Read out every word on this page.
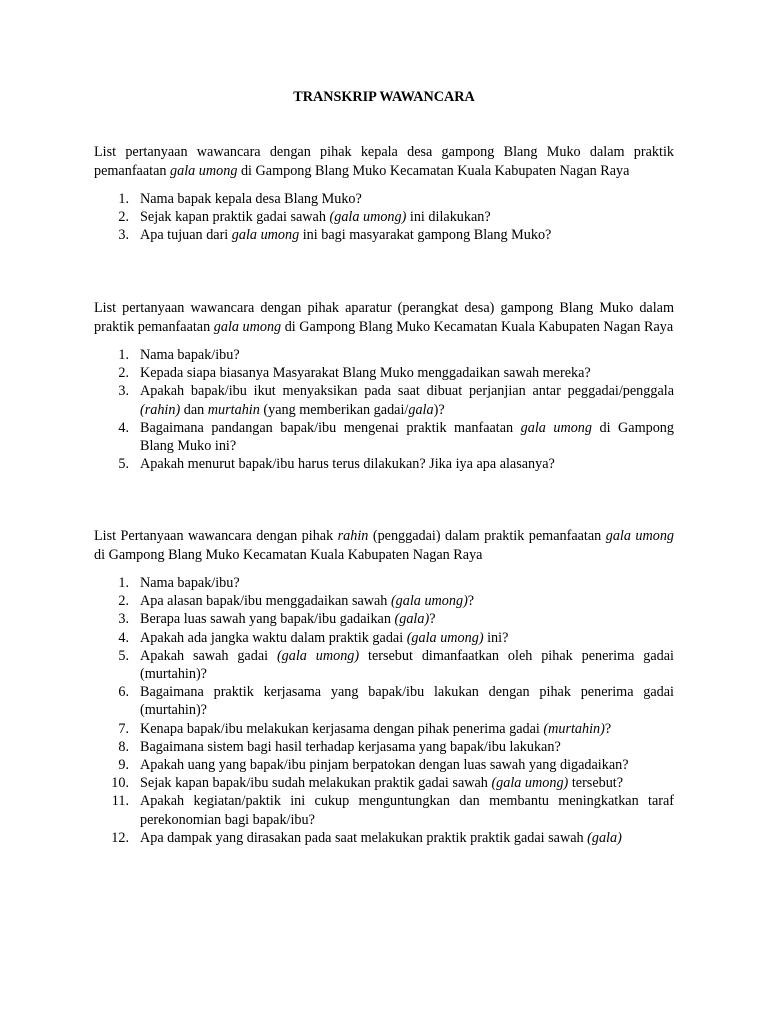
TRANSKRIP WAWANCARA

List pertanyaan wawancara dengan pihak kepala desa gampong Blang Muko dalam praktik pemanfaatan gala umong di Gampong Blang Muko Kecamatan Kuala Kabupaten Nagan Raya

1. Nama bapak kepala desa Blang Muko?
2. Sejak kapan praktik gadai sawah (gala umong) ini dilakukan?
3. Apa tujuan dari gala umong ini bagi masyarakat gampong Blang Muko?

List pertanyaan wawancara dengan pihak aparatur (perangkat desa) gampong Blang Muko dalam praktik pemanfaatan gala umong di Gampong Blang Muko Kecamatan Kuala Kabupaten Nagan Raya

1. Nama bapak/ibu?
2. Kepada siapa biasanya Masyarakat Blang Muko menggadaikan sawah mereka?
3. Apakah bapak/ibu ikut menyaksikan pada saat dibuat perjanjian antar peggadai/penggala (rahin) dan murtahin (yang memberikan gadai/gala)?
4. Bagaimana pandangan bapak/ibu mengenai praktik manfaatan gala umong di Gampong Blang Muko ini?
5. Apakah menurut bapak/ibu harus terus dilakukan? Jika iya apa alasanya?

List Pertanyaan wawancara dengan pihak rahin (penggadai) dalam praktik pemanfaatan gala umong di Gampong Blang Muko Kecamatan Kuala Kabupaten Nagan Raya

1. Nama bapak/ibu?
2. Apa alasan bapak/ibu menggadaikan sawah (gala umong)?
3. Berapa luas sawah yang bapak/ibu gadaikan (gala)?
4. Apakah ada jangka waktu dalam praktik gadai (gala umong) ini?
5. Apakah sawah gadai (gala umong) tersebut dimanfaatkan oleh pihak penerima gadai (murtahin)?
6. Bagaimana praktik kerjasama yang bapak/ibu lakukan dengan pihak penerima gadai (murtahin)?
7. Kenapa bapak/ibu melakukan kerjasama dengan pihak penerima gadai (murtahin)?
8. Bagaimana sistem bagi hasil terhadap kerjasama yang bapak/ibu lakukan?
9. Apakah uang yang bapak/ibu pinjam berpatokan dengan luas sawah yang digadaikan?
10. Sejak kapan bapak/ibu sudah melakukan praktik gadai sawah (gala umong) tersebut?
11. Apakah kegiatan/paktik ini cukup menguntungkan dan membantu meningkatkan taraf perekonomian bagi bapak/ibu?
12. Apa dampak yang dirasakan pada saat melakukan praktik praktik gadai sawah (gala)
